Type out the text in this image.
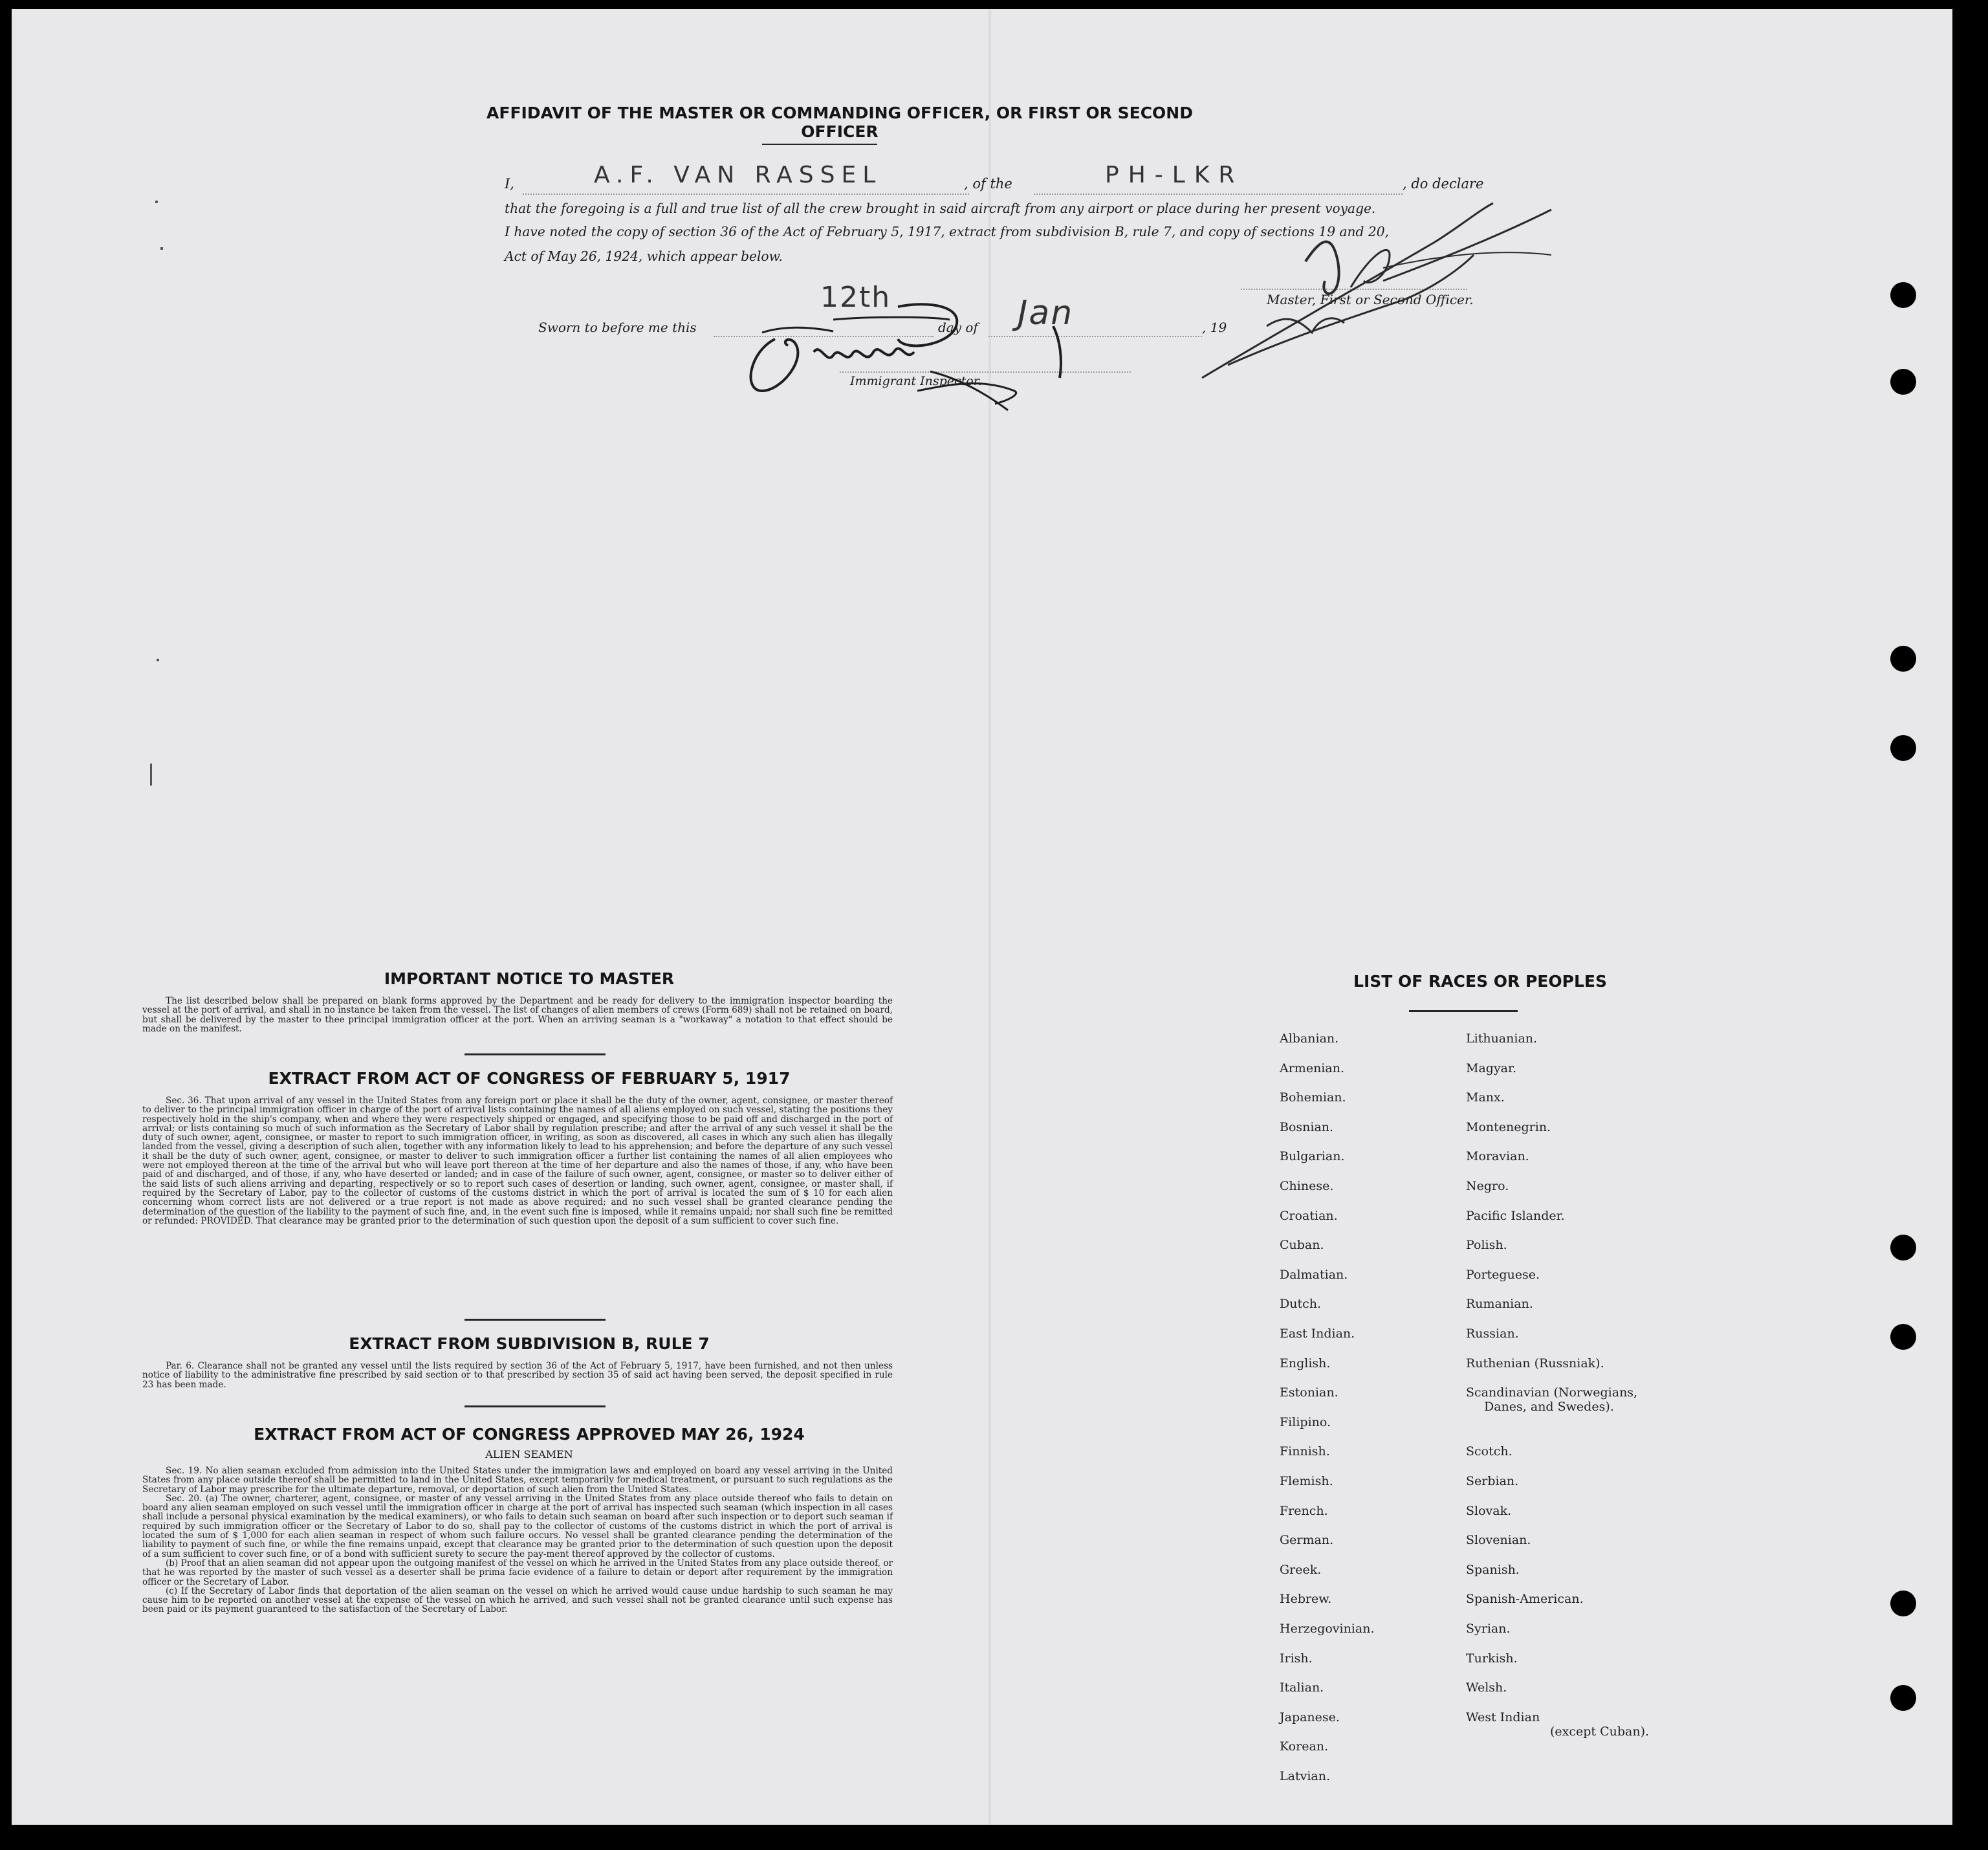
AFFIDAVIT OF THE MASTER OR COMMANDING OFFICER, OR FIRST OR SECOND OFFICER
I,	A.F. VAN RASSEL	, of the	PH-LKR	, do declare
that the foregoing is a full and true list of all the crew brought in said aircraft from any airport or place during her present voyage.
I have noted the copy of section 36 of the Act of February 5, 1917, extract from subdivision B, rule 7, and copy of sections 19 and 20,
Act of May 26, 1924, which appear below.
Master, First or Second Officer.
Sworn to before me this
12th
day of Jan	, 19
Immigrant Inspector.
IMPORTANT NOTICE TO MASTER

The list described below shall be prepared on blank forms approved by the Department and be ready for delivery to the immigration inspector boarding the vessel at the port of arrival, and shall in no instance be taken from the vessel. The list of changes of alien members of crews (Form 689) shall not be retained on board, but shall be delivered by the master to thee principal immigration officer at the port. When an arriving seaman is a "workaway" a notation to that effect should be made on the manifest.

EXTRACT FROM ACT OF CONGRESS OF FEBRUARY 5, 1917

Sec. 36. That upon arrival of any vessel in the United States from any foreign port or place it shall be the duty of the owner, agent, consignee, or master thereof to deliver to the principal immigration officer in charge of the port of arrival lists containing the names of all aliens employed on such vessel, stating the positions they respectively hold in the ship's company, when and where they were respectively shipped or engaged, and specifying those to be paid off and discharged in the port of arrival; or lists containing so much of such information as the Secretary of Labor shall by regulation prescribe; and after the arrival of any such vessel it shall be the duty of such owner, agent, consignee, or master to report to such immigration officer, in writing, as soon as discovered, all cases in which any such alien has illegally landed from the vessel, giving a description of such alien, together with any information likely to lead to his apprehension; and before the departure of any such vessel it shall be the duty of such owner, agent, consignee, or master to deliver to such immigration officer a further list containing the names of all alien employees who were not employed thereon at the time of the arrival but who will leave port thereon at the time of her departure and also the names of those, if any, who have been paid of and discharged, and of those, if any, who have deserted or landed; and in case of the failure of such owner, agent, consignee, or master so to deliver either of the said lists of such aliens arriving and departing, respectively or so to report such cases of desertion or landing, such owner, agent, consignee, or master shall, if required by the Secretary of Labor, pay to the collector of customs of the customs district in which the port of arrival is located the sum of $ 10 for each alien concerning whom correct lists are not delivered or a true report is not made as above required; and no such vessel shall be granted clearance pending the determination of the question of the liability to the payment of such fine, and, in the event such fine is imposed, while it remains unpaid; nor shall such fine be remitted or refunded: PROVIDED. That clearance may be granted prior to the determination of such question upon the deposit of a sum sufficient to cover such fine.

EXTRACT FROM SUBDIVISION B, RULE 7

Par. 6. Clearance shall not be granted any vessel until the lists required by section 36 of the Act of February 5, 1917, have been furnished, and not then unless notice of liability to the administrative fine prescribed by said section or to that prescribed by section 35 of said act having been served, the deposit specified in rule 23 has been made.

EXTRACT FROM ACT OF CONGRESS APPROVED MAY 26, 1924
ALIEN SEAMEN

Sec. 19. No alien seaman excluded from admission into the United States under the immigration laws and employed on board any vessel arriving in the United States from any place outside thereof shall be permitted to land in the United States, except temporarily for medical treatment, or pursuant to such regulations as the Secretary of Labor may prescribe for the ultimate departure, removal, or deportation of such alien from the United States.

Sec. 20. (a) The owner, charterer, agent, consignee, or master of any vessel arriving in the United States from any place outside thereof who fails to detain on board any alien seaman employed on such vessel until the immigration officer in charge at the port of arrival has inspected such seaman (which inspection in all cases shall include a personal physical examination by the medical examiners), or who fails to detain such seaman on board after such inspection or to deport such seaman if required by such immigration officer or the Secretary of Labor to do so, shall pay to the collector of customs of the customs district in which the port of arrival is located the sum of $ 1,000 for each alien seaman in respect of whom such failure occurs. No vessel shall be granted clearance pending the determination of the liability to payment of such fine, or while the fine remains unpaid, except that clearance may be granted prior to the determination of such question upon the deposit of a sum sufficient to cover such fine, or of a bond with sufficient surety to secure the pay-ment thereof approved by the collector of customs.

(b) Proof that an alien seaman did not appear upon the outgoing manifest of the vessel on which he arrived in the United States from any place outside thereof, or that he was reported by the master of such vessel as a deserter shall be prima facie evidence of a failure to detain or deport after requirement by the immigration officer or the Secretary of Labor.

(c) If the Secretary of Labor finds that deportation of the alien seaman on the vessel on which he arrived would cause undue hardship to such seaman he may cause him to be reported on another vessel at the expense of the vessel on which he arrived, and such vessel shall not be granted clearance until such expense has been paid or its payment guaranteed to the satisfaction of the Secretary of Labor.

LIST OF RACES OR PEOPLES
Albanian.
Armenian.
Bohemian.
Bosnian.
Bulgarian.
Chinese.
Croatian.
Cuban.
Dalmatian.
Dutch.
East Indian.
English.
Estonian.
Filipino.
Finnish.
Flemish.
French.
German.
Greek.
Hebrew.
Herzegovinian.
Irish.
Italian.
Japanese.
Korean.
Latvian.
Lithuanian.
Magyar.
Manx.
Montenegrin.
Moravian.
Negro.
Pacific Islander.
Polish.
Porteguese.
Rumanian.
Russian.
Ruthenian (Russniak).
Scandinavian (Norwegians,
Danes, and Swedes).
Scotch.
Serbian.
Slovak.
Slovenian.
Spanish.
Spanish-American.
Syrian.
Turkish.
Welsh.
West Indian
(except Cuban).
